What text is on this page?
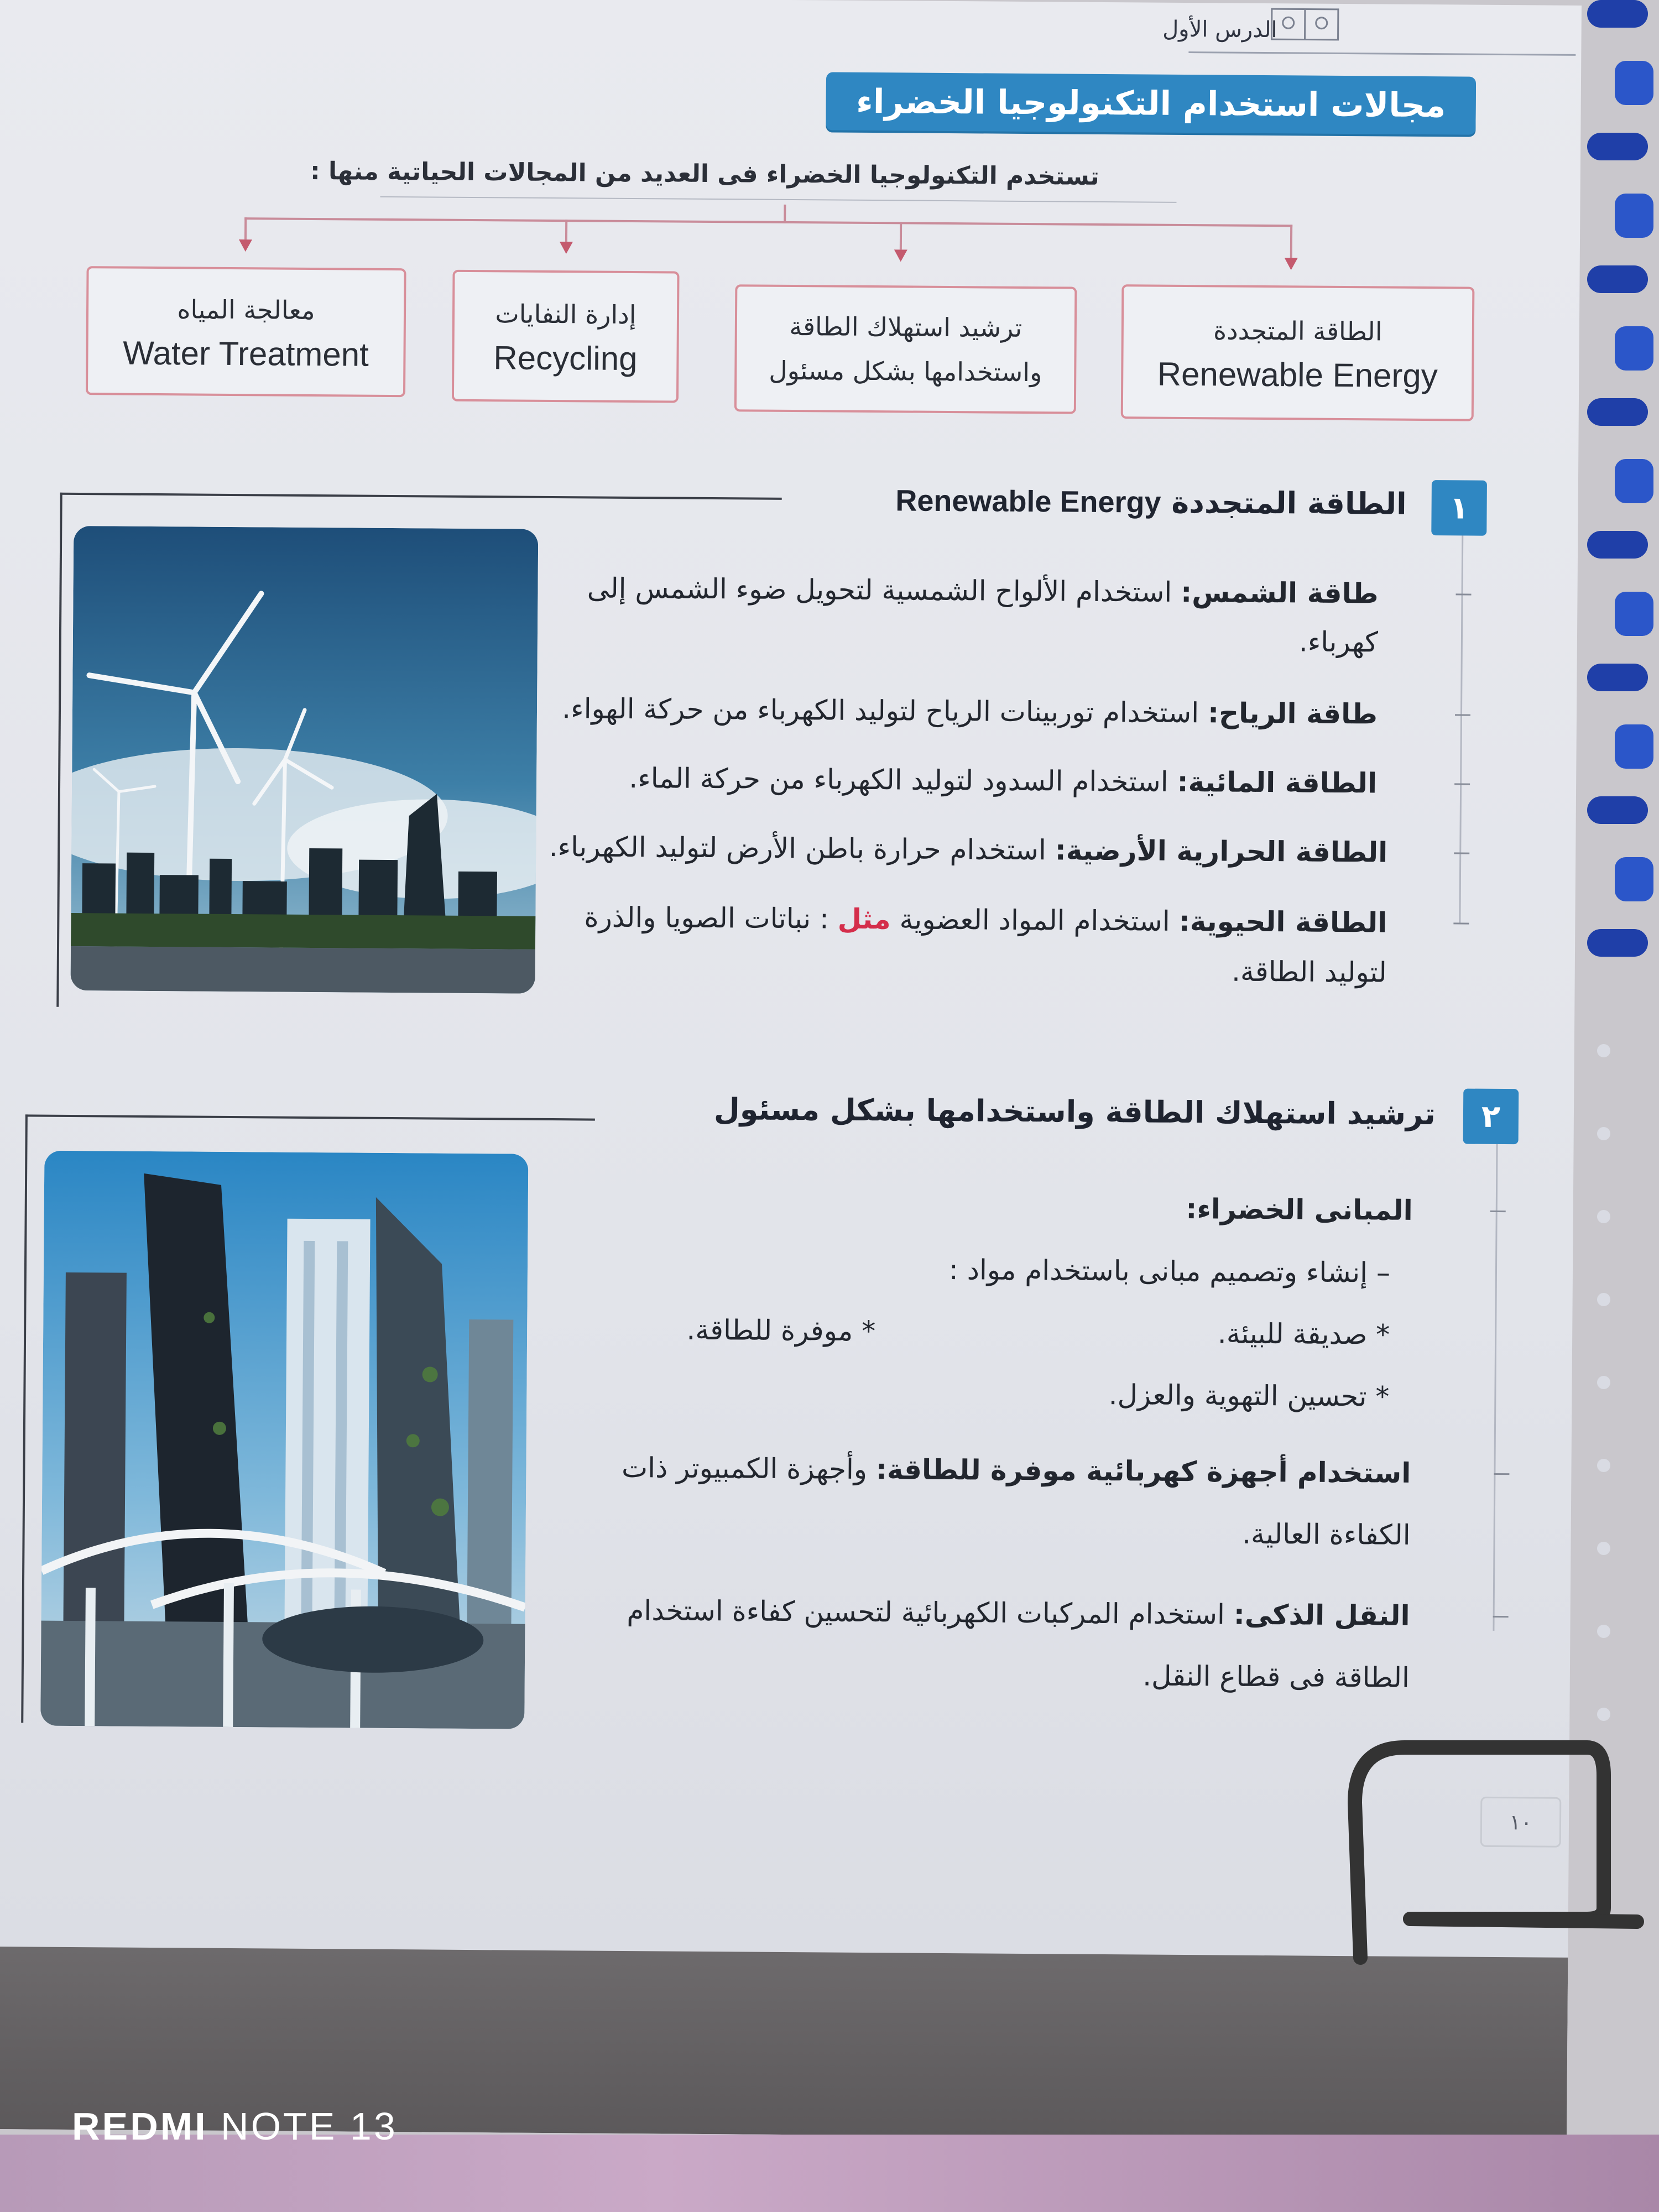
الدرس الأول
مجالات استخدام التكنولوجيا الخضراء
تستخدم التكنولوجيا الخضراء فى العديد من المجالات الحياتية منها :
معالجة المياه
Water Treatment
إدارة النفايات
Recycling
ترشيد استهلاك الطاقة
واستخدامها بشكل مسئول
الطاقة المتجددة
Renewable Energy
١
الطاقة المتجددة Renewable Energy
طاقة الشمس: استخدام الألواح الشمسية لتحويل ضوء الشمس إلى
كهرباء.
طاقة الرياح: استخدام توربينات الرياح لتوليد الكهرباء من حركة الهواء.
الطاقة المائية: استخدام السدود لتوليد الكهرباء من حركة الماء.
الطاقة الحرارية الأرضية: استخدام حرارة باطن الأرض لتوليد الكهرباء.
الطاقة الحيوية: استخدام المواد العضوية مثل : نباتات الصويا والذرة
لتوليد الطاقة.
٢
ترشيد استهلاك الطاقة واستخدامها بشكل مسئول
المبانى الخضراء:
– إنشاء وتصميم مبانى باستخدام مواد :
* صديقة للبيئة.
* موفرة للطاقة.
* تحسين التهوية والعزل.
استخدام أجهزة كهربائية موفرة للطاقة: وأجهزة الكمبيوتر ذات
الكفاءة العالية.
النقل الذكى: استخدام المركبات الكهربائية لتحسين كفاءة استخدام
الطاقة فى قطاع النقل.
١٠
REDMI NOTE 13
